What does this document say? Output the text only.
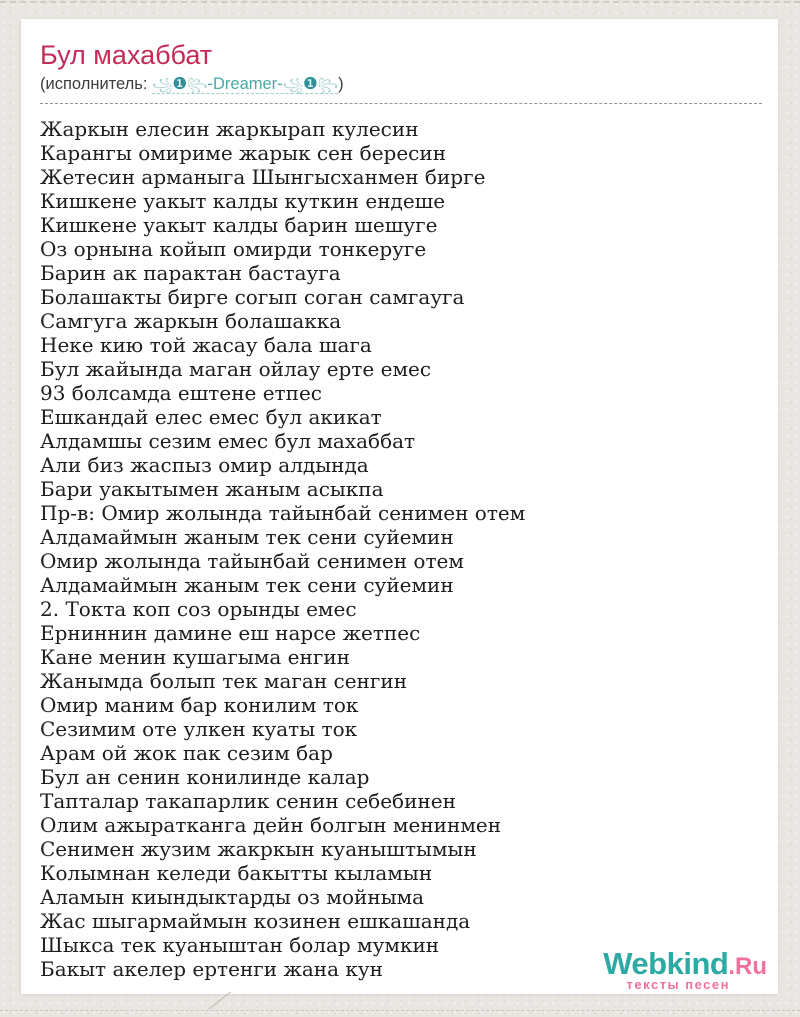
Бул махаббат
(исполнитель: ꧁❶꧂-Dreamer-꧁❶꧂)

Жаркын елесин жаркырап кулесин

Карангы омириме жарык сен бересин

Жетесин арманыга Шынгысханмен бирге

Кишкене уакыт калды куткин ендеше

Кишкене уакыт калды барин шешуге

Оз орнына койып омирди тонкеруге

Барин ак парактан бастауга

Болашакты бирге согып соган самгауга

Самгуга жаркын болашакка

Неке кию той жасау бала шага

Бул жайында маган ойлау ерте емес

93 болсамда ештене етпес

Ешкандай елес емес бул акикат

Алдамшы сезим емес бул махаббат

Али биз жаспыз омир алдында

Бари уакытымен жаным асыкпа

Пр-в: Омир жолында тайынбай сенимен отем

Алдамаймын жаным тек сени суйемин

Омир жолында тайынбай сенимен отем

Алдамаймын жаным тек сени суйемин

2. Токта коп соз орынды емес

Ерниннин дамине еш нарсе жетпес

Кане менин кушагыма енгин

Жанымда болып тек маган сенгин

Омир маним бар конилим ток

Сезимим оте улкен куаты ток

Арам ой жок пак сезим бар

Бул ан сенин конилинде калар

Тапталар такапарлик сенин себебинен

Олим ажыратканга дейн болгын менинмен

Сенимен жузим жакркын куаныштымын

Колымнан келеди бакытты кыламын

Аламын киындыктарды оз мойныма

Жас шыгармаймын козинен ешкашанда

Шыкса тек куаныштан болар мумкин

Бакыт акелер ертенги жана кун	Webkind.Ru
тексты песен
